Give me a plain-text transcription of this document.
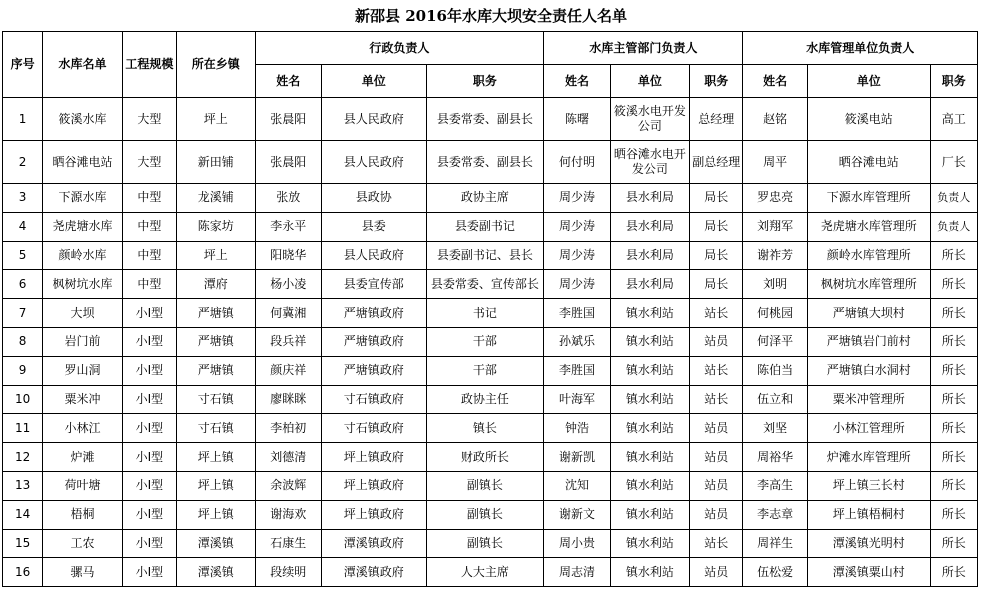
新邵县 2016年水库大坝安全责任人名单
序号	水库名单	工程规模	所在乡镇	行政负责人			水库主管部门负责人			水库管理单位负责人		
				姓名	单位	职务	姓名	单位	职务	姓名	单位	职务
1	筱溪水库	大型	坪上	张晨阳	县人民政府	县委常委、副县长	陈曙	筱溪水电开发公司	总经理	赵铭	筱溪电站	高工
2	晒谷滩电站	大型	新田铺	张晨阳	县人民政府	县委常委、副县长	何付明	晒谷滩水电开发公司	副总经理	周平	晒谷滩电站	厂长
3	下源水库	中型	龙溪铺	张放	县政协	政协主席	周少涛	县水利局	局长	罗忠亮	下源水库管理所	负责人
4	尧虎塘水库	中型	陈家坊	李永平	县委	县委副书记	周少涛	县水利局	局长	刘翔军	尧虎塘水库管理所	负责人
5	颜岭水库	中型	坪上	阳晓华	县人民政府	县委副书记、县长	周少涛	县水利局	局长	谢祚芳	颜岭水库管理所	所长
6	枫树坑水库	中型	潭府	杨小凌	县委宣传部	县委常委、宣传部长	周少涛	县水利局	局长	刘明	枫树坑水库管理所	所长
7	大坝	小Ⅰ型	严塘镇	何冀湘	严塘镇政府	书记	李胜国	镇水利站	站长	何桃园	严塘镇大坝村	所长
8	岩门前	小Ⅰ型	严塘镇	段兵祥	严塘镇政府	干部	孙斌乐	镇水利站	站员	何泽平	严塘镇岩门前村	所长
9	罗山洞	小Ⅰ型	严塘镇	颜庆祥	严塘镇政府	干部	李胜国	镇水利站	站长	陈伯当	严塘镇白水洞村	所长
10	粟米冲	小Ⅰ型	寸石镇	廖眯眯	寸石镇政府	政协主任	叶海军	镇水利站	站长	伍立和	粟米冲管理所	所长
11	小林江	小Ⅰ型	寸石镇	李柏初	寸石镇政府	镇长	钟浩	镇水利站	站员	刘坚	小林江管理所	所长
12	炉滩	小Ⅰ型	坪上镇	刘德清	坪上镇政府	财政所长	谢新凯	镇水利站	站员	周裕华	炉滩水库管理所	所长
13	荷叶塘	小Ⅰ型	坪上镇	余波辉	坪上镇政府	副镇长	沈知	镇水利站	站员	李高生	坪上镇三长村	所长
14	梧桐	小Ⅰ型	坪上镇	谢海欢	坪上镇政府	副镇长	谢新文	镇水利站	站员	李志章	坪上镇梧桐村	所长
15	工农	小Ⅰ型	潭溪镇	石康生	潭溪镇政府	副镇长	周小贵	镇水利站	站长	周祥生	潭溪镇光明村	所长
16	骡马	小Ⅰ型	潭溪镇	段续明	潭溪镇政府	人大主席	周志清	镇水利站	站员	伍松爱	潭溪镇粟山村	所长
